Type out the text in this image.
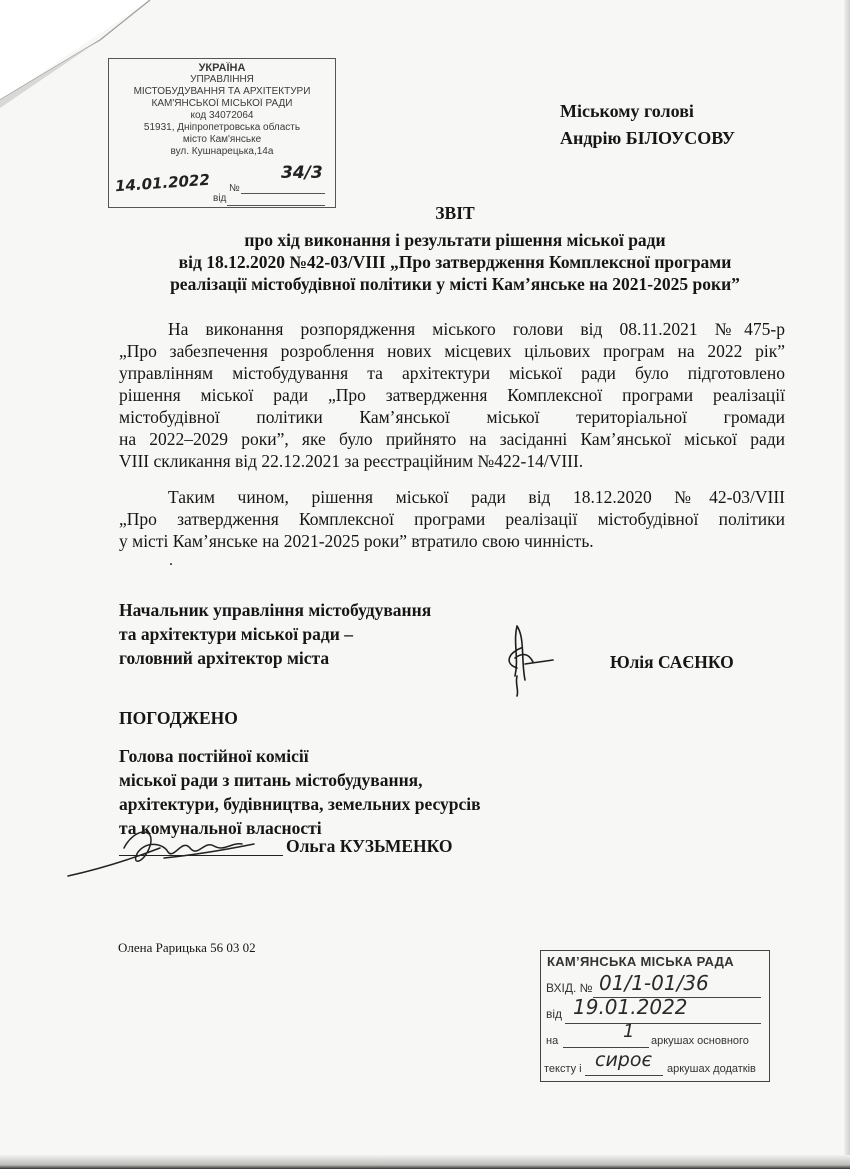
УКРАЇНА
УПРАВЛІННЯ
МІСТОБУДУВАННЯ ТА АРХІТЕКТУРИ
КАМ'ЯНСЬКОЇ МІСЬКОЇ РАДИ
код 34072064
51931, Дніпропетровська область
місто Кам'янське
вул. Кушнарецька,14а
14.01.2022 №
34/3
від
Міському голові
Андрію БІЛОУСОВУ
ЗВІТ
про хід виконання і результати рішення міської ради
від 18.12.2020 №42-03/VIII „Про затвердження Комплексної програми
реалізації містобудівної політики у місті Кам’янське на 2021-2025 роки”
На виконання розпорядження міського голови від 08.11.2021 №475-р
„Про забезпечення розроблення нових місцевих цільових програм на 2022 рік”
управлінням містобудування та архітектури міської ради було підготовлено
рішення міської ради „Про затвердження Комплексної програми реалізації
містобудівної політики Кам’янської міської територіальної громади
на 2022–2029 роки”, яке було прийнято на засіданні Кам’янської міської ради
VIII скликання від 22.12.2021 за реєстраційним №422-14/VIII.
Таким чином, рішення міської ради від 18.12.2020 №42-03/VIII
„Про затвердження Комплексної програми реалізації містобудівної політики
у місті Кам’янське на 2021-2025 роки” втратило свою чинність.
.
Начальник управління містобудування
та архітектури міської ради –
головний архітектор міста	Юлія САЄНКО
ПОГОДЖЕНО
Голова постійної комісії
міської ради з питань містобудування,
архітектури, будівництва, земельних ресурсів
та комунальної власності
Ольга КУЗЬМЕНКО
Олена Рарицька 56 03 02
КАМ’ЯНСЬКА МІСЬКА РАДА
ВХІД. № 01/1-01/36
від 19.01.2022
на	1 аркушах основного
тексту і сироє аркушах додатків
